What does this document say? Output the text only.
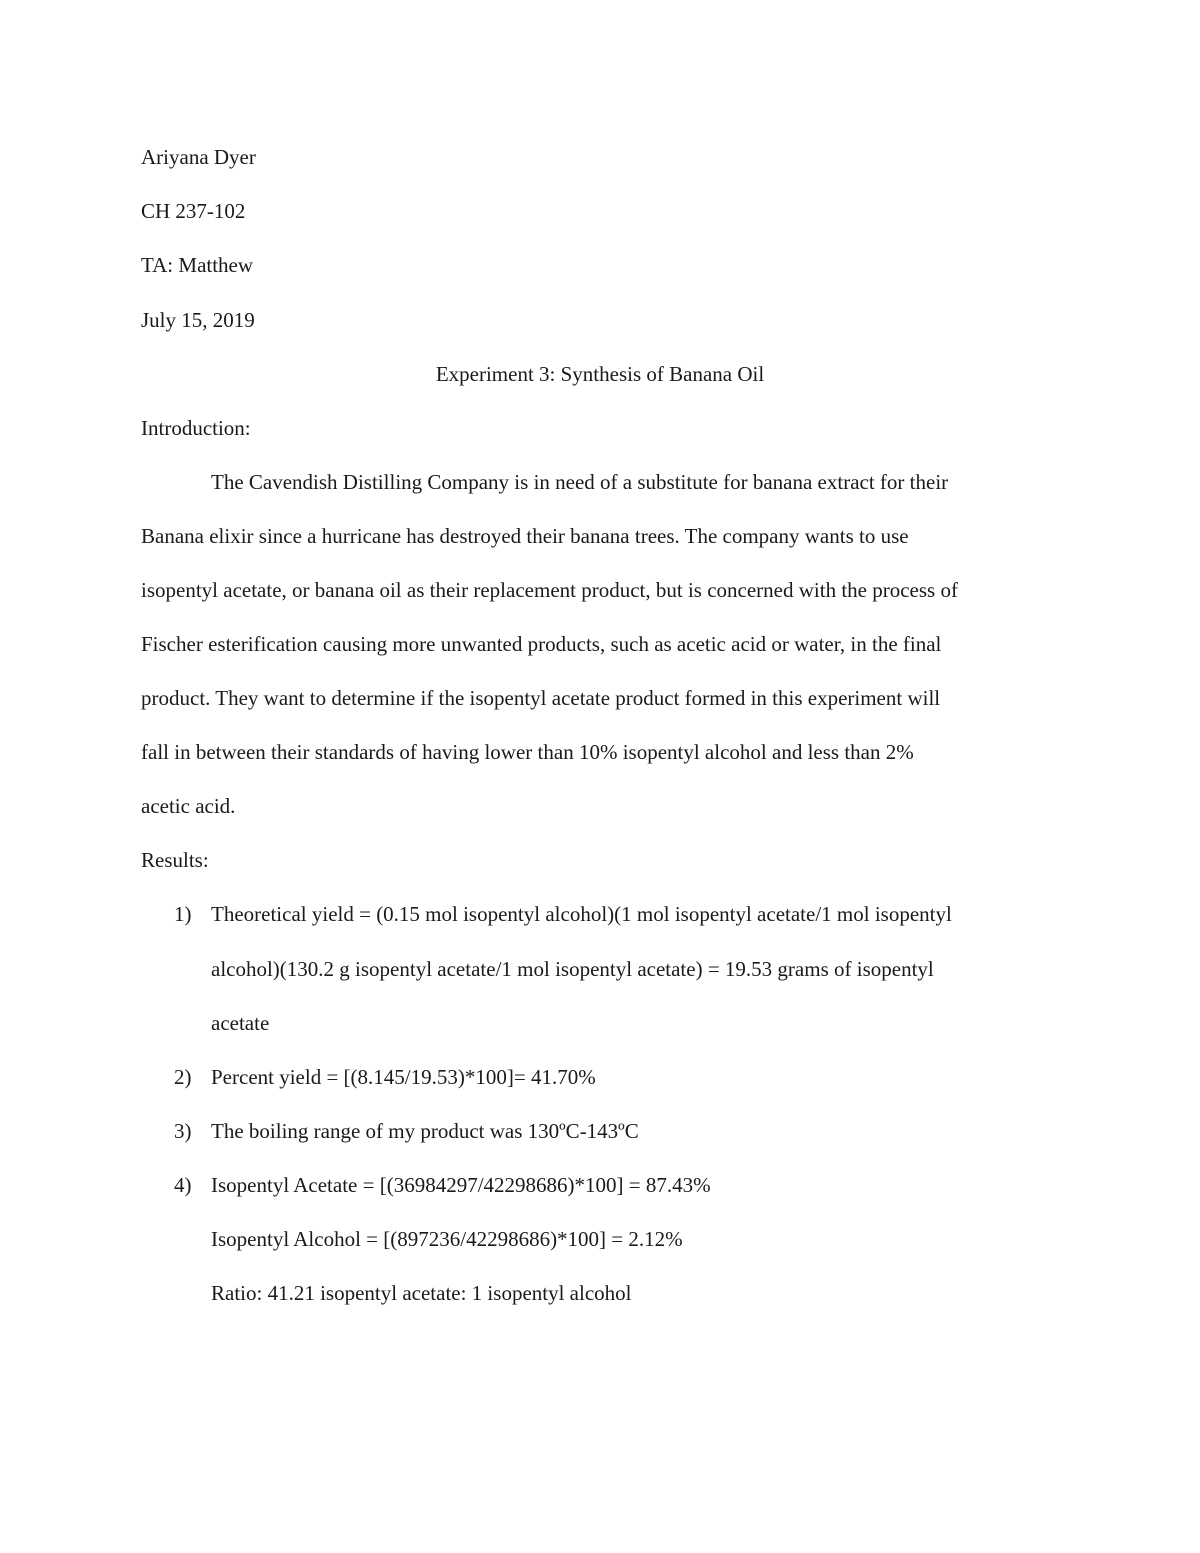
Ariyana Dyer
CH 237-102
TA: Matthew
July 15, 2019
Experiment 3: Synthesis of Banana Oil
Introduction:
The Cavendish Distilling Company is in need of a substitute for banana extract for their
Banana elixir since a hurricane has destroyed their banana trees. The company wants to use
isopentyl acetate, or banana oil as their replacement product, but is concerned with the process of
Fischer esterification causing more unwanted products, such as acetic acid or water, in the final
product. They want to determine if the isopentyl acetate product formed in this experiment will
fall in between their standards of having lower than 10% isopentyl alcohol and less than 2%
acetic acid.
Results:
1) Theoretical yield = (0.15 mol isopentyl alcohol)(1 mol isopentyl acetate/1 mol isopentyl
alcohol)(130.2 g isopentyl acetate/1 mol isopentyl acetate) = 19.53 grams of isopentyl
acetate
2) Percent yield = [(8.145/19.53)*100]= 41.70%
3) The boiling range of my product was 130ºC-143ºC
4) Isopentyl Acetate = [(36984297/42298686)*100] = 87.43%
Isopentyl Alcohol = [(897236/42298686)*100] = 2.12%
Ratio: 41.21 isopentyl acetate: 1 isopentyl alcohol
